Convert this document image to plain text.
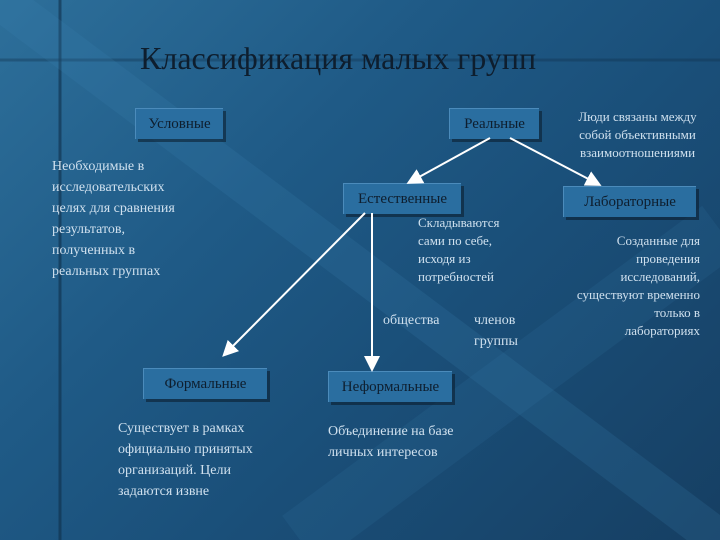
Классификация малых групп
Условные	Реальные
Естественные	Лабораторные
Формальные	Неформальные
Необходимые в
исследовательских
целях для сравнения
результатов,
полученных в
реальных группах
Люди связаны между
собой объективными
взаимоотношениями
Складываются
сами по себе,
исходя из
потребностей
общества членов
группы
Созданные для
проведения
исследований,
существуют временно
только в
лабораториях
Существует в рамках
официально принятых
организаций. Цели
задаются извне
Объединение на базе
личных интересов
